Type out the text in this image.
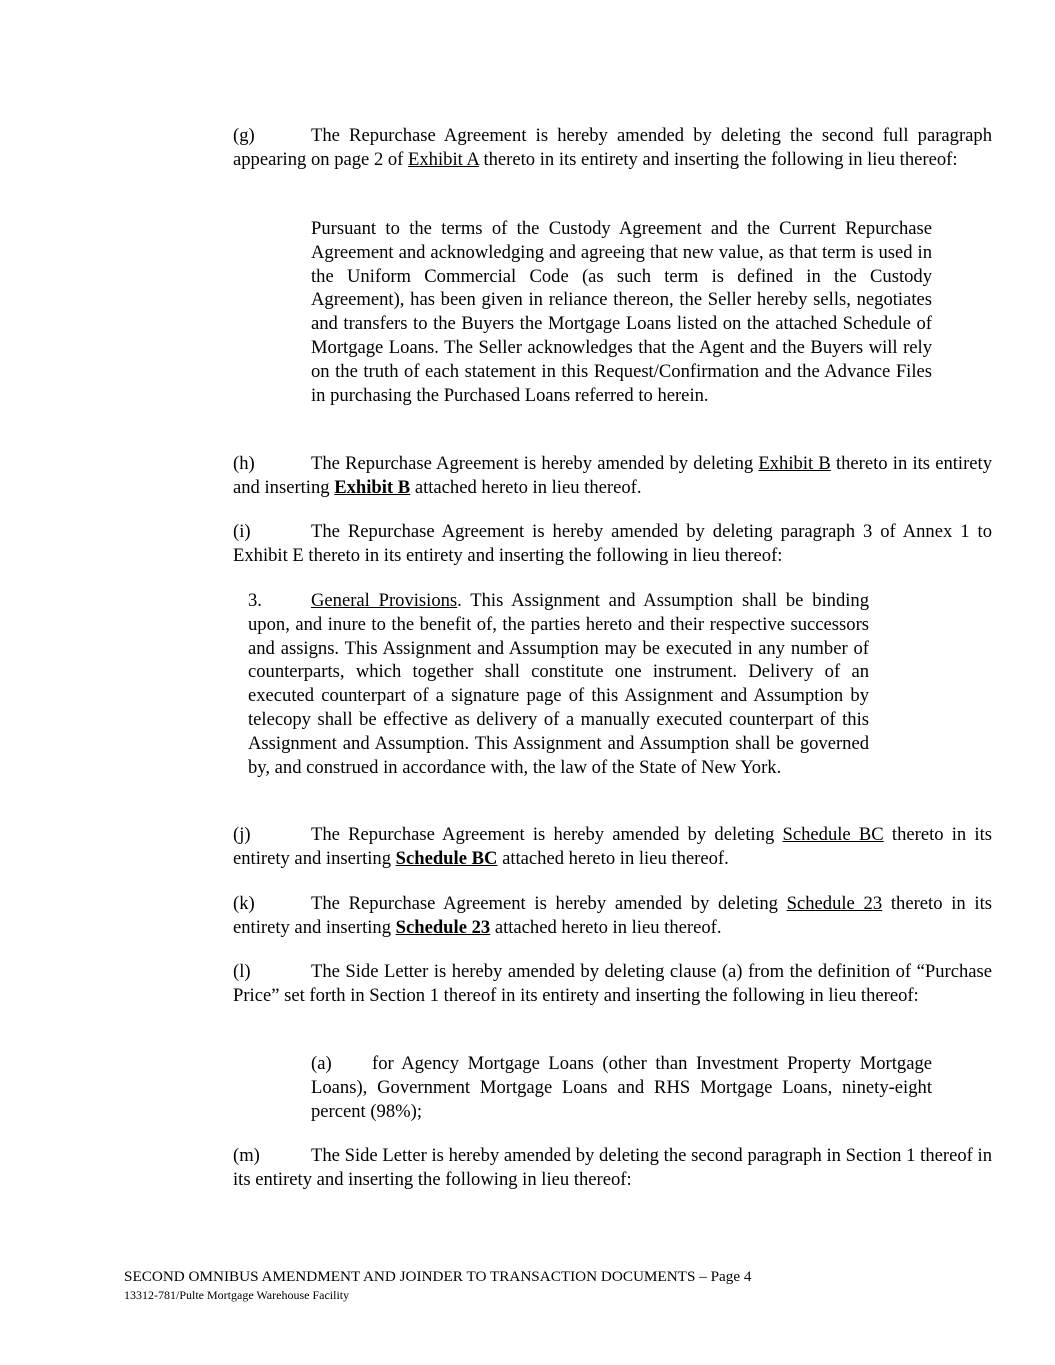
(g)	The Repurchase Agreement is hereby amended by deleting the second full paragraph appearing on page 2 of Exhibit A thereto in its entirety and inserting the following in lieu thereof:

Pursuant to the terms of the Custody Agreement and the Current Repurchase Agreement and acknowledging and agreeing that new value, as that term is used in the Uniform Commercial Code (as such term is defined in the Custody Agreement), has been given in reliance thereon, the Seller hereby sells, negotiates and transfers to the Buyers the Mortgage Loans listed on the attached Schedule of Mortgage Loans. The Seller acknowledges that the Agent and the Buyers will rely on the truth of each statement in this Request/Confirmation and the Advance Files in purchasing the Purchased Loans referred to herein.

(h)	The Repurchase Agreement is hereby amended by deleting Exhibit B thereto in its entirety and inserting Exhibit B attached hereto in lieu thereof.

(i)	The Repurchase Agreement is hereby amended by deleting paragraph 3 of Annex 1 to Exhibit E thereto in its entirety and inserting the following in lieu thereof:

3.	General Provisions. This Assignment and Assumption shall be binding upon, and inure to the benefit of, the parties hereto and their respective successors and assigns. This Assignment and Assumption may be executed in any number of counterparts, which together shall constitute one instrument. Delivery of an executed counterpart of a signature page of this Assignment and Assumption by telecopy shall be effective as delivery of a manually executed counterpart of this Assignment and Assumption. This Assignment and Assumption shall be governed by, and construed in accordance with, the law of the State of New York.

(j)	The Repurchase Agreement is hereby amended by deleting Schedule BC thereto in its entirety and inserting Schedule BC attached hereto in lieu thereof.

(k)	The Repurchase Agreement is hereby amended by deleting Schedule 23 thereto in its entirety and inserting Schedule 23 attached hereto in lieu thereof.

(l)	The Side Letter is hereby amended by deleting clause (a) from the definition of “Purchase Price” set forth in Section 1 thereof in its entirety and inserting the following in lieu thereof:

(a) for Agency Mortgage Loans (other than Investment Property Mortgage Loans), Government Mortgage Loans and RHS Mortgage Loans, ninety-eight percent (98%);

(m)	The Side Letter is hereby amended by deleting the second paragraph in Section 1 thereof in its entirety and inserting the following in lieu thereof:

SECOND OMNIBUS AMENDMENT AND JOINDER TO TRANSACTION DOCUMENTS – Page 4

13312-781/Pulte Mortgage Warehouse Facility
